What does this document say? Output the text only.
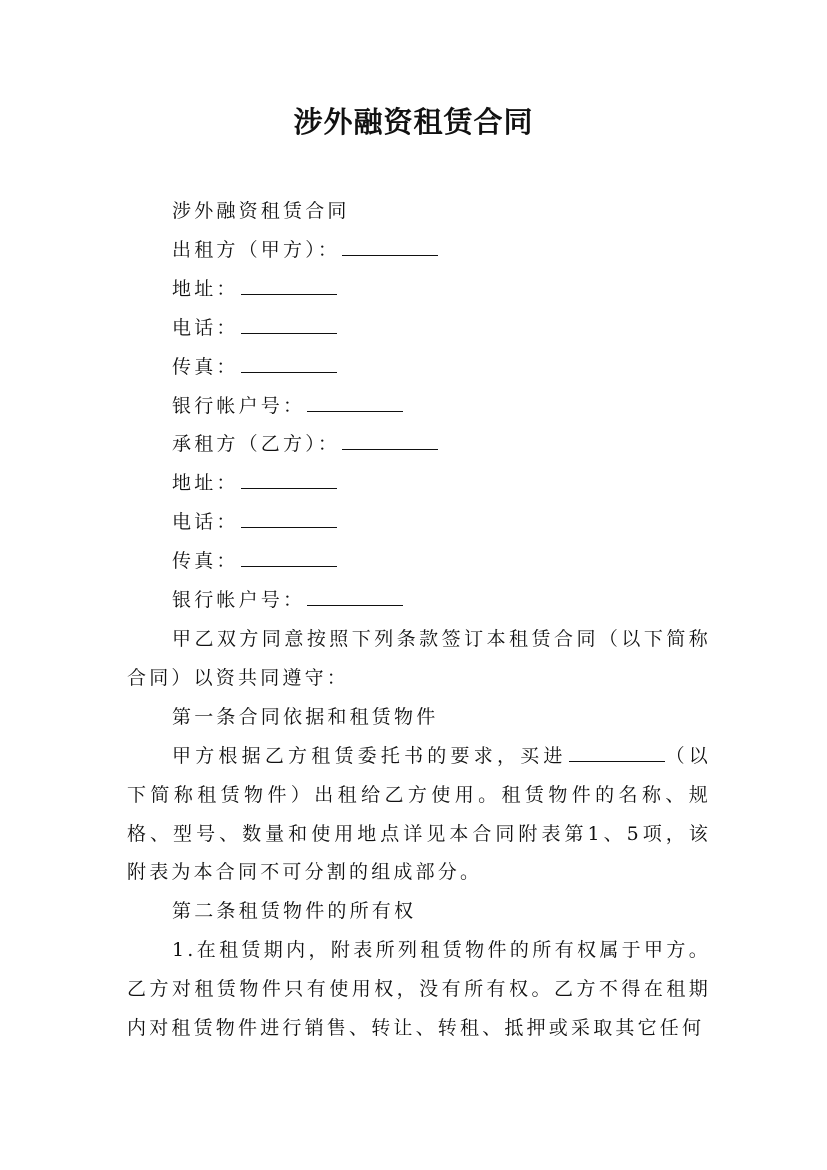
涉外融资租赁合同
涉外融资租赁合同
出租方（甲方）：
地址：
电话：
传真：
银行帐户号：
承租方（乙方）：
地址：
电话：
传真：
银行帐户号：
甲乙双方同意按照下列条款签订本租赁合同（以下简称合同）以资共同遵守：
第一条合同依据和租赁物件
甲方根据乙方租赁委托书的要求，买进	（以下简称租赁物件）出租给乙方使用。租赁物件的名称、规格、型号、数量和使用地点详见本合同附表第1、5项，该附表为本合同不可分割的组成部分。
第二条租赁物件的所有权
1.在租赁期内，附表所列租赁物件的所有权属于甲方。乙方对租赁物件只有使用权，没有所有权。乙方不得在租期内对租赁物件进行销售、转让、转租、抵押或采取其它任何
